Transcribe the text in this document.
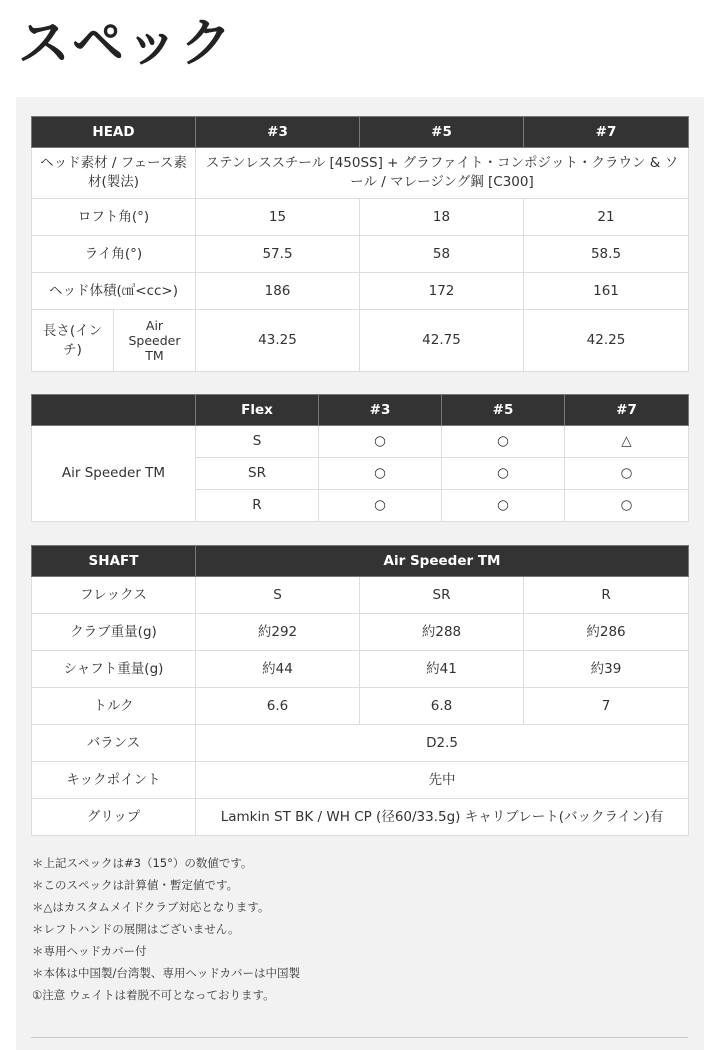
スペック
HEAD		#3	#5	#7
ヘッド素材 / フェース素材(製法)		ステンレススチール [450SS] + グラファイト・コンポジット・クラウン & ソール / マレージング鋼 [C300]		
ロフト角(°)		15	18	21
ライ角(°)		57.5	58	58.5
ヘッド体積(㎤<cc>)		186	172	161
長さ(インチ)	Air Speeder TM	43.25	42.75	42.25
	Flex	#3	#5	#7
Air Speeder TM	S	○	○	△
	SR	○	○	○
	R	○	○	○
SHAFT	Air Speeder TM		
フレックス	S	SR	R
クラブ重量(g)	約292	約288	約286
シャフト重量(g)	約44	約41	約39
トルク	6.6	6.8	7
バランス	D2.5		
キックポイント	先中		
グリップ	Lamkin ST BK / WH CP (径60/33.5g) キャリブレート(バックライン)有		
＊上記スペックは#3（15°）の数値です。
＊このスペックは計算値・暫定値です。
＊△はカスタムメイドクラブ対応となります。
＊レフトハンドの展開はございません。
＊専用ヘッドカバー付
＊本体は中国製/台湾製、専用ヘッドカバーは中国製
①注意 ウェイトは着脱不可となっております。
